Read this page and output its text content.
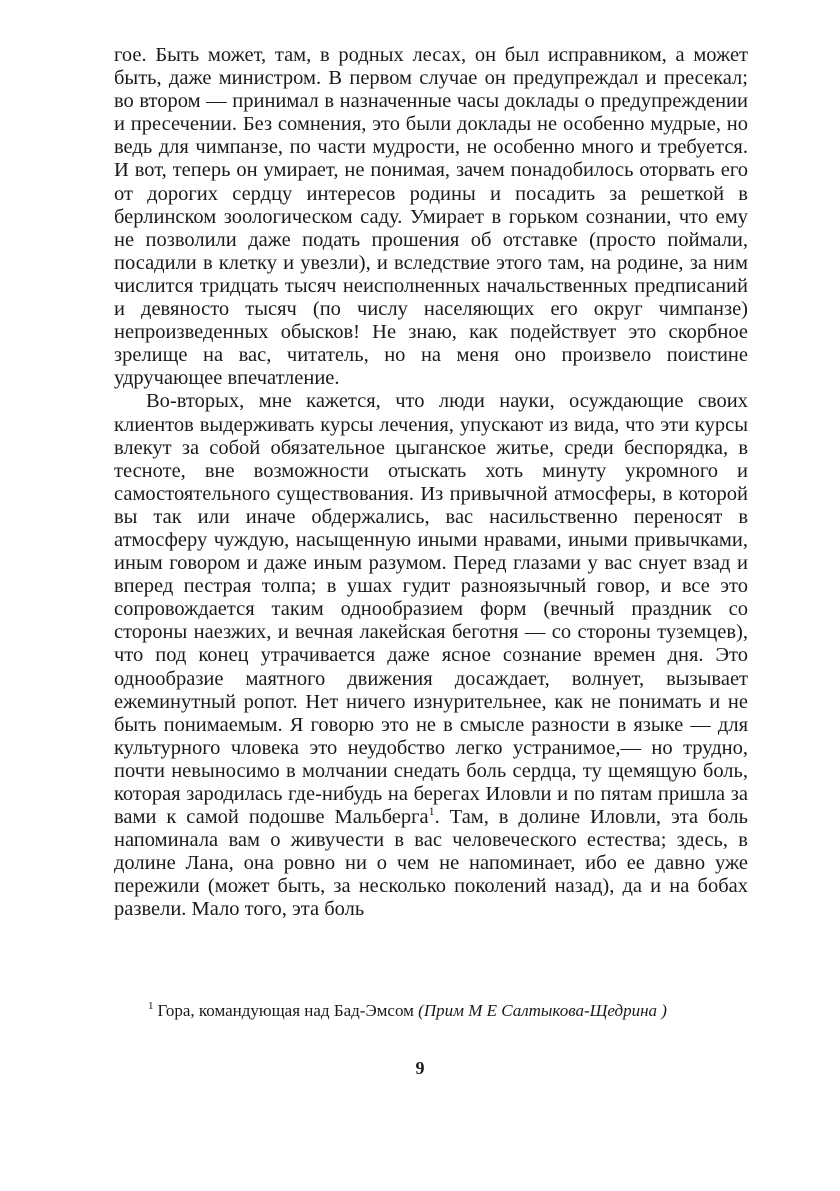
гое. Быть может, там, в родных лесах, он был исправником, а может быть, даже министром. В первом случае он предупреждал и пресекал; во втором — принимал в назначенные часы доклады о предупреждении и пресечении. Без сомнения, это были доклады не особенно мудрые, но ведь для чимпанзе, по части мудрости, не особенно много и требуется. И вот, теперь он умирает, не понимая, зачем понадобилось оторвать его от дорогих сердцу интересов родины и посадить за решеткой в берлинском зоологическом саду. Умирает в горьком сознании, что ему не позволили даже подать прошения об отставке (просто поймали, посадили в клетку и увезли), и вследствие этого там, на родине, за ним числится тридцать тысяч неисполненных начальственных предписаний и девяносто тысяч (по числу населяющих его округ чимпанзе) непроизведенных обысков! Не знаю, как подействует это скорбное зрелище на вас, читатель, но на меня оно произвело поистине удручающее впечатление.

Во-вторых, мне кажется, что люди науки, осуждающие своих клиентов выдерживать курсы лечения, упускают из вида, что эти курсы влекут за собой обязательное цыганское житье, среди беспорядка, в тесноте, вне возможности отыскать хоть минуту укромного и самостоятельного существования. Из привычной атмосферы, в которой вы так или иначе обдержались, вас насильственно переносят в атмосферу чуждую, насыщенную иными нравами, иными привычками, иным говором и даже иным разумом. Перед глазами у вас снует взад и вперед пестрая толпа; в ушах гудит разноязычный говор, и все это сопровождается таким однообразием форм (вечный праздник со стороны наезжих, и вечная лакейская беготня — со стороны туземцев), что под конец утрачивается даже ясное сознание времен дня. Это однообразие маятного движения досаждает, волнует, вызывает ежеминутный ропот. Нет ничего изнурительнее, как не понимать и не быть понимаемым. Я говорю это не в смысле разности в языке — для культурного чловека это неудобство легко устранимое,— но трудно, почти невыносимо в молчании снедать боль сердца, ту щемящую боль, которая зародилась где-нибудь на берегах Иловли и по пятам пришла за вами к самой подошве Мальберга$^1$. Там, в долине Иловли, эта боль напоминала вам о живучести в вас человеческого естества; здесь, в долине Лана, она ровно ни о чем не напоминает, ибо ее давно уже пережили (может быть, за несколько поколений назад), да и на бобах развели. Мало того, эта боль

$^1$ Гора, командующая над Бад-Эмсом (Прим М Е Салтыкова-Щедрина )

9
